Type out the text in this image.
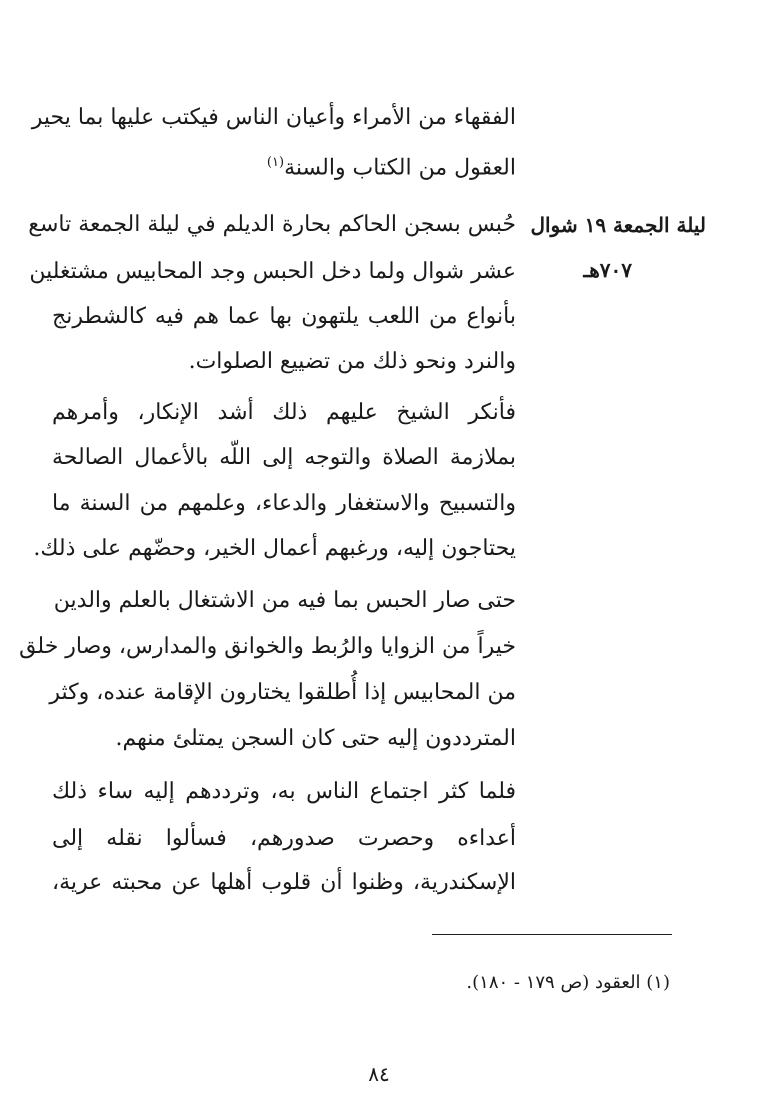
الفقهاء من الأمراء وأعيان الناس فيكتب عليها بما يحير
العقول من الكتاب والسنة$^{(١)}$
ليلة الجمعة ١٩ شوال
٧٠٧هـ
حُبس بسجن الحاكم بحارة الديلم في ليلة الجمعة تاسع
عشر شوال ولما دخل الحبس وجد المحابيس مشتغلين
بأنواع من اللعب يلتهون بها عما هم فيه كالشطرنج
والنرد ونحو ذلك من تضييع الصلوات.
فأنكر الشيخ عليهم ذلك أشد الإنكار، وأمرهم
بملازمة الصلاة والتوجه إلى اللّه بالأعمال الصالحة
والتسبيح والاستغفار والدعاء، وعلمهم من السنة ما
يحتاجون إليه، ورغبهم أعمال الخير، وحضّهم على ذلك.
حتى صار الحبس بما فيه من الاشتغال بالعلم والدين
خيراً من الزوايا والرُبط والخوانق والمدارس، وصار خلق
من المحابيس إذا أُطلقوا يختارون الإقامة عنده، وكثر
المترددون إليه حتى كان السجن يمتلئ منهم.
فلما كثر اجتماع الناس به، وترددهم إليه ساء ذلك
أعداءه وحصرت صدورهم، فسألوا نقله إلى
الإسكندرية، وظنوا أن قلوب أهلها عن محبته عرية،
(١) العقود (ص ١٧٩ - ١٨٠).
٨٤
